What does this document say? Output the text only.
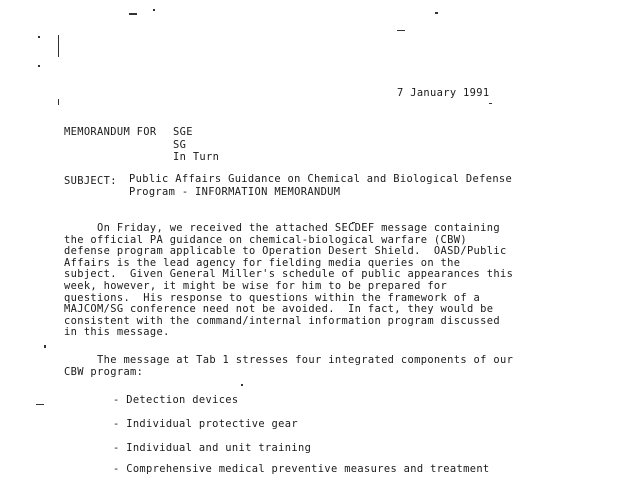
7 January 1991
MEMORANDUM FOR SGE
SG
In Turn
SUBJECT: Public Affairs Guidance on Chemical and Biological Defense
Program - INFORMATION MEMORANDUM
On Friday, we received the attached SECDEF message containing
the official PA guidance on chemical-biological warfare (CBW)
defense program applicable to Operation Desert Shield.  OASD/Public
Affairs is the lead agency for fielding media queries on the
subject.  Given General Miller's schedule of public appearances this
week, however, it might be wise for him to be prepared for
questions.  His response to questions within the framework of a
MAJCOM/SG conference need not be avoided.  In fact, they would be
consistent with the command/internal information program discussed
in this message.
The message at Tab 1 stresses four integrated components of our
CBW program:
- Detection devices
- Individual protective gear
- Individual and unit training
- Comprehensive medical preventive measures and treatment
